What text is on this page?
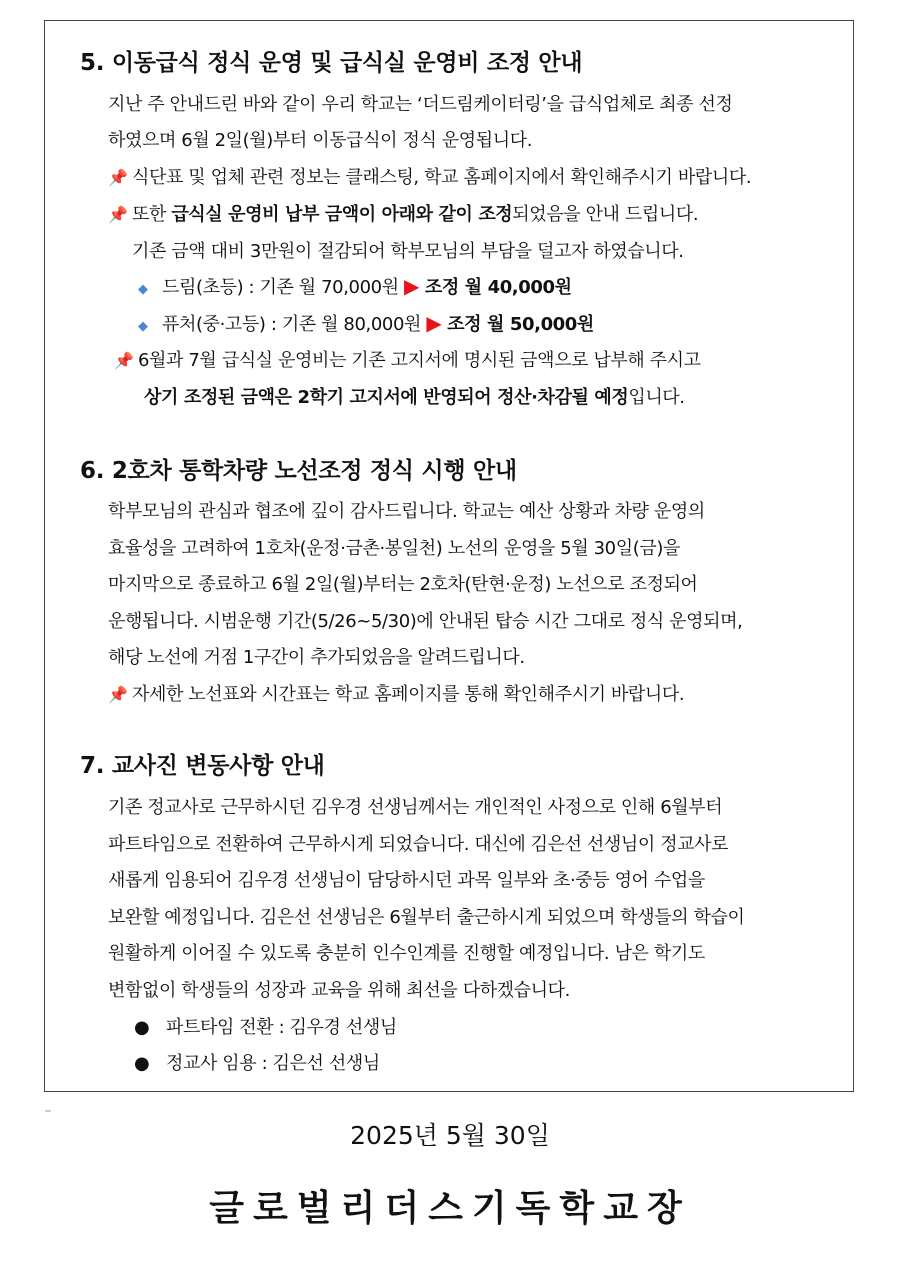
5. 이동급식 정식 운영 및 급식실 운영비 조정 안내
지난 주 안내드린 바와 같이 우리 학교는 ‘더드림케이터링’을 급식업체로 최종 선정
하였으며 6월 2일(월)부터 이동급식이 정식 운영됩니다.
📌 식단표 및 업체 관련 정보는 클래스팅, 학교 홈페이지에서 확인해주시기 바랍니다.
📌 또한 급식실 운영비 납부 금액이 아래와 같이 조정되었음을 안내 드립니다.
기존 금액 대비 3만원이 절감되어 학부모님의 부담을 덜고자 하였습니다.
◆ 드림(초등) : 기존 월 70,000원 ▶ 조정 월 40,000원
◆ 퓨처(중·고등) : 기존 월 80,000원 ▶ 조정 월 50,000원
📌 6월과 7월 급식실 운영비는 기존 고지서에 명시된 금액으로 납부해 주시고
상기 조정된 금액은 2학기 고지서에 반영되어 정산·차감될 예정입니다.
6. 2호차 통학차량 노선조정 정식 시행 안내
학부모님의 관심과 협조에 깊이 감사드립니다. 학교는 예산 상황과 차량 운영의
효율성을 고려하여 1호차(운정·금촌·봉일천) 노선의 운영을 5월 30일(금)을
마지막으로 종료하고 6월 2일(월)부터는 2호차(탄현·운정) 노선으로 조정되어
운행됩니다. 시범운행 기간(5/26~5/30)에 안내된 탑승 시간 그대로 정식 운영되며,
해당 노선에 거점 1구간이 추가되었음을 알려드립니다.
📌 자세한 노선표와 시간표는 학교 홈페이지를 통해 확인해주시기 바랍니다.
7. 교사진 변동사항 안내
기존 정교사로 근무하시던 김우경 선생님께서는 개인적인 사정으로 인해 6월부터
파트타임으로 전환하여 근무하시게 되었습니다. 대신에 김은선 선생님이 정교사로
새롭게 임용되어 김우경 선생님이 담당하시던 과목 일부와 초·중등 영어 수업을
보완할 예정입니다. 김은선 선생님은 6월부터 출근하시게 되었으며 학생들의 학습이
원활하게 이어질 수 있도록 충분히 인수인계를 진행할 예정입니다. 남은 학기도
변함없이 학생들의 성장과 교육을 위해 최선을 다하겠습니다.
● 파트타임 전환 : 김우경 선생님
● 정교사 임용 : 김은선 선생님
2025년 5월 30일
글로벌리더스기독학교장
